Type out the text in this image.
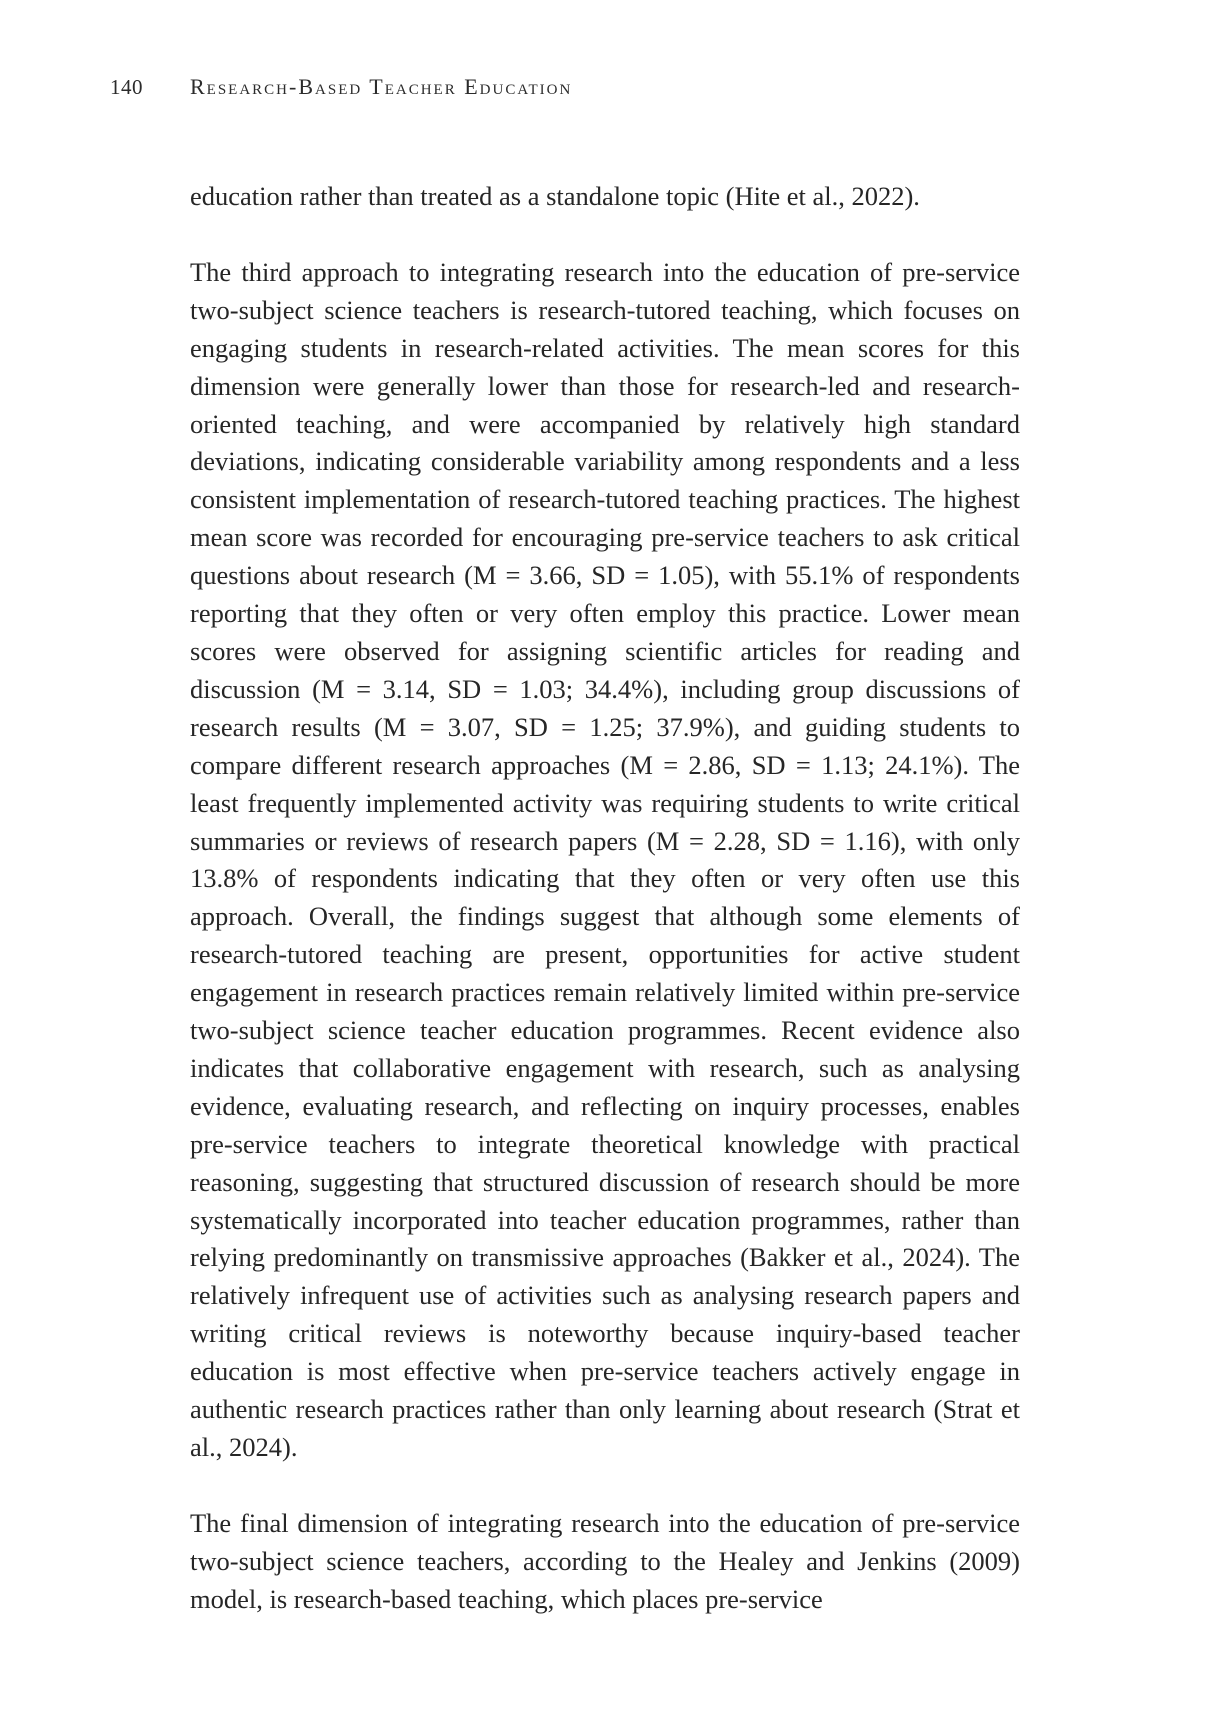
140	Research-Based Teacher Education

education rather than treated as a standalone topic (Hite et al., 2022).

The third approach to integrating research into the education of pre-service two-subject science teachers is research-tutored teaching, which focuses on engaging students in research-related activities. The mean scores for this dimension were generally lower than those for research-led and research-oriented teaching, and were accompanied by relatively high standard deviations, indicating considerable variability among respondents and a less consistent implementation of research-tutored teaching practices. The highest mean score was recorded for encouraging pre-service teachers to ask critical questions about research (M = 3.66, SD = 1.05), with 55.1% of respondents reporting that they often or very often employ this practice. Lower mean scores were observed for assigning scientific articles for reading and discussion (M = 3.14, SD = 1.03; 34.4%), including group discussions of research results (M = 3.07, SD = 1.25; 37.9%), and guiding students to compare different research approaches (M = 2.86, SD = 1.13; 24.1%). The least frequently implemented activity was requiring students to write critical summaries or reviews of research papers (M = 2.28, SD = 1.16), with only 13.8% of respondents indicating that they often or very often use this approach. Overall, the findings suggest that although some elements of research-tutored teaching are present, opportunities for active student engagement in research practices remain relatively limited within pre-service two-subject science teacher education programmes. Recent evidence also indicates that collaborative engagement with research, such as analysing evidence, evaluating research, and reflecting on inquiry processes, enables pre-service teachers to integrate theoretical knowledge with practical reasoning, suggesting that structured discussion of research should be more systematically incorporated into teacher education programmes, rather than relying predominantly on transmissive approaches (Bakker et al., 2024). The relatively infrequent use of activities such as analysing research papers and writing critical reviews is noteworthy because inquiry-based teacher education is most effective when pre-service teachers actively engage in authentic research practices rather than only learning about research (Strat et al., 2024).

The final dimension of integrating research into the education of pre-service two-subject science teachers, according to the Healey and Jenkins (2009) model, is research-based teaching, which places pre-service
